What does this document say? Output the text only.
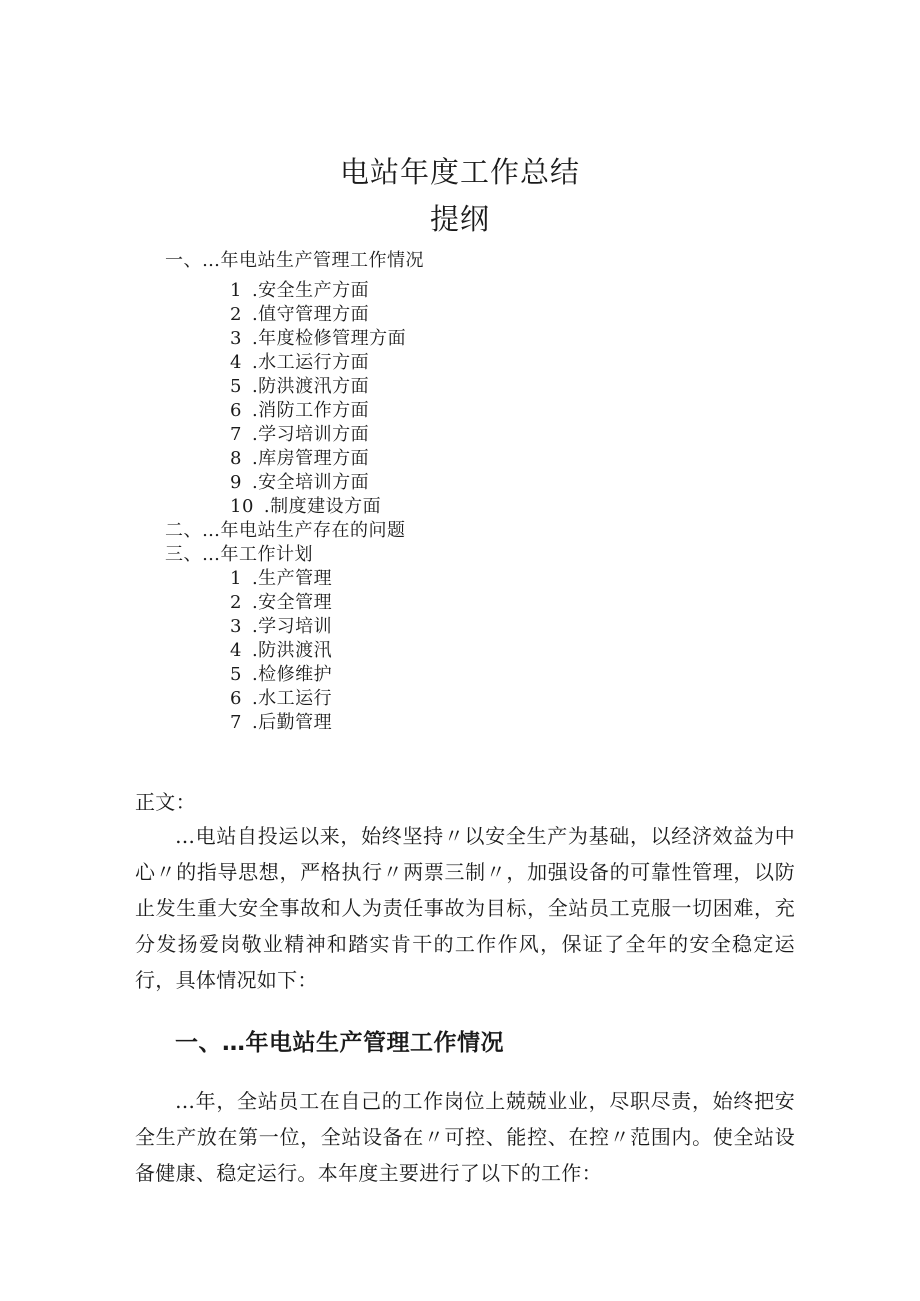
电站年度工作总结
提纲
一、…年电站生产管理工作情况
1 .安全生产方面
2 .值守管理方面
3 .年度检修管理方面
4 .水工运行方面
5 .防洪渡汛方面
6 .消防工作方面
7 .学习培训方面
8 .库房管理方面
9 .安全培训方面
10 .制度建设方面
二、…年电站生产存在的问题
三、…年工作计划
1 .生产管理
2 .安全管理
3 .学习培训
4 .防洪渡汛
5 .检修维护
6 .水工运行
7 .后勤管理
正文：
…电站自投运以来，始终坚持〃以安全生产为基础，以经济效益为中心〃的指导思想，严格执行〃两票三制〃，加强设备的可靠性管理，以防止发生重大安全事故和人为责任事故为目标，全站员工克服一切困难，充分发扬爱岗敬业精神和踏实肯干的工作作风，保证了全年的安全稳定运行，具体情况如下：
一、…年电站生产管理工作情况
…年，全站员工在自己的工作岗位上兢兢业业，尽职尽责，始终把安全生产放在第一位，全站设备在〃可控、能控、在控〃范围内。使全站设备健康、稳定运行。本年度主要进行了以下的工作：
